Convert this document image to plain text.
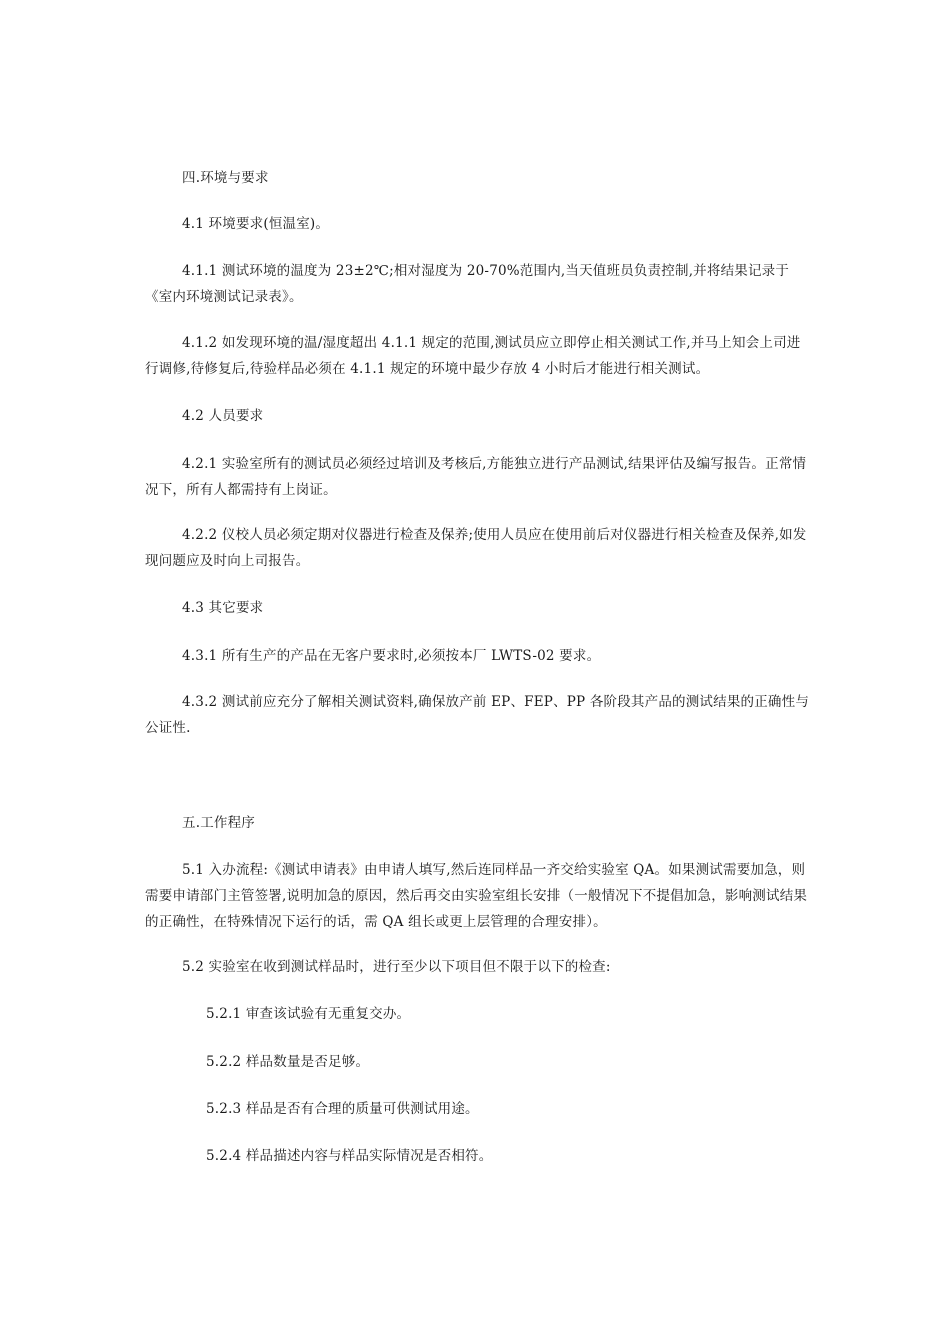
四.环境与要求

4.1 环境要求(恒温室)。

4.1.1 测试环境的温度为 23±2℃;相对湿度为 20-70%范围内,当天值班员负责控制,并将结果记录于《室内环境测试记录表》。

4.1.2 如发现环境的温/湿度超出 4.1.1 规定的范围,测试员应立即停止相关测试工作,并马上知会上司进行调修,待修复后,待验样品必须在 4.1.1 规定的环境中最少存放 4 小时后才能进行相关测试。

4.2 人员要求

4.2.1 实验室所有的测试员必须经过培训及考核后,方能独立进行产品测试,结果评估及编写报告。正常情况下，所有人都需持有上岗证。

4.2.2 仪校人员必须定期对仪器进行检查及保养;使用人员应在使用前后对仪器进行相关检查及保养,如发现问题应及时向上司报告。

4.3 其它要求

4.3.1 所有生产的产品在无客户要求时,必须按本厂 LWTS-02 要求。

4.3.2 测试前应充分了解相关测试资料,确保放产前 EP、FEP、PP 各阶段其产品的测试结果的正确性与公证性.

五.工作程序

5.1 入办流程:《测试申请表》由申请人填写,然后连同样品一齐交给实验室 QA。如果测试需要加急，则需要申请部门主管签署,说明加急的原因，然后再交由实验室组长安排（一般情况下不提倡加急，影响测试结果的正确性，在特殊情况下运行的话，需 QA 组长或更上层管理的合理安排）。

5.2 实验室在收到测试样品时，进行至少以下项目但不限于以下的检查:

5.2.1 审查该试验有无重复交办。

5.2.2 样品数量是否足够。

5.2.3 样品是否有合理的质量可供测试用途。

5.2.4 样品描述内容与样品实际情况是否相符。
